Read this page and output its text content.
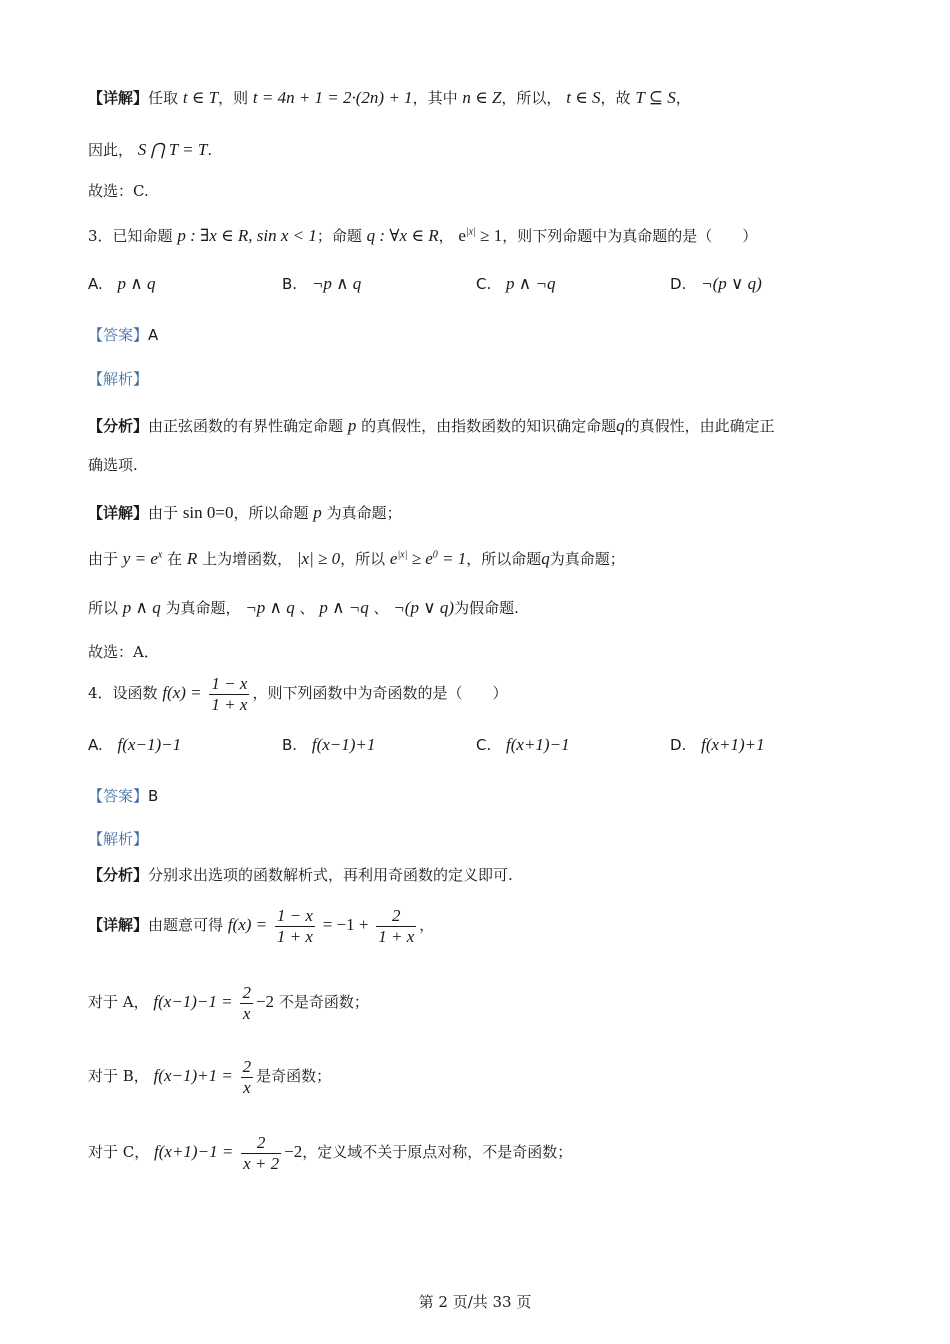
【详解】任取 t ∈ T，则 t = 4n + 1 = 2·(2n) + 1，其中 n ∈ Z，所以， t ∈ S，故 T ⊆ S，
因此， S ⋂ T = T.
故选：C.
3．已知命题 p : ∃x ∈ R, sin x < 1；命题 q : ∀x ∈ R， $e^{|x|} \ge 1$，则下列命题中为真命题的是（　　）
A. p ∧ q	B. ¬p ∧ q	C. p ∧ ¬q	D. ¬(p ∨ q)
【答案】A
【解析】
【分析】由正弦函数的有界性确定命题 p 的真假性，由指数函数的知识确定命题q的真假性，由此确定正
确选项.
【详解】由于 sin 0=0，所以命题 p 为真命题；
由于 $y = e^x$ 在 R 上为增函数， |x| ≥ 0，所以 $e^{|x|} \ge e^0 = 1$，所以命题q为真命题；
所以 p ∧ q 为真命题， ¬p ∧ q 、 p ∧ ¬q 、 ¬(p ∨ q)为假命题.
故选：A．
4．设函数 $f(x) = \frac{1 - x}{1 + x}$ ，则下列函数中为奇函数的是（　　）
A. f(x−1)−1	B. f(x−1)+1	C. f(x+1)−1	D. f(x+1)+1
【答案】B
【解析】
【分析】分别求出选项的函数解析式，再利用奇函数的定义即可.
【详解】由题意可得 $f(x) = \frac{1 - x}{1 + x} = -1 + \frac{2}{1 + x}$ ，
对于 A， $f(x-1)-1 = \frac{2}{x} -2$ 不是奇函数；
对于 B， $f(x-1)+1 = \frac{2}{x}$ 是奇函数；
对于 C， $f(x+1)-1 = \frac{2}{x + 2} -2$，定义域不关于原点对称，不是奇函数；
第 2 页/共 33 页
